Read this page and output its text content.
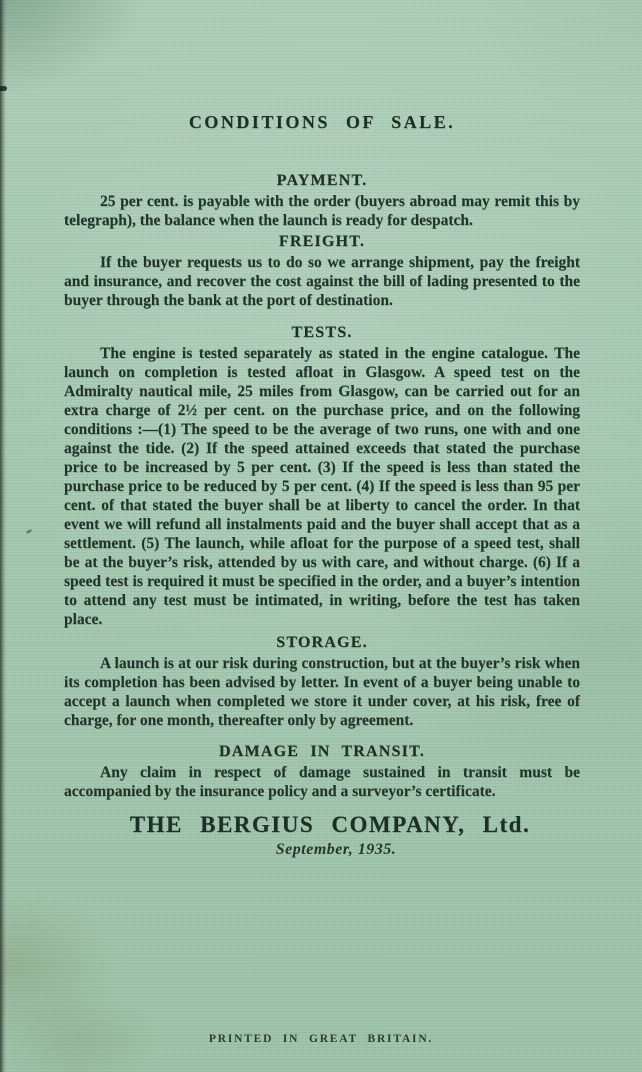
CONDITIONS OF SALE.
PAYMENT.

25 per cent. is payable with the order (buyers abroad may remit this by telegraph), the balance when the launch is ready for despatch.

FREIGHT.

If the buyer requests us to do so we arrange shipment, pay the freight and insurance, and recover the cost against the bill of lading presented to the buyer through the bank at the port of destination.

TESTS.

The engine is tested separately as stated in the engine catalogue. The launch on completion is tested afloat in Glasgow. A speed test on the Admiralty nautical mile, 25 miles from Glasgow, can be carried out for an extra charge of 2½ per cent. on the purchase price, and on the following conditions :—(1) The speed to be the average of two runs, one with and one against the tide. (2) If the speed attained exceeds that stated the purchase price to be increased by 5 per cent. (3) If the speed is less than stated the purchase price to be reduced by 5 per cent. (4) If the speed is less than 95 per cent. of that stated the buyer shall be at liberty to cancel the order. In that event we will refund all instalments paid and the buyer shall accept that as a settlement. (5) The launch, while afloat for the purpose of a speed test, shall be at the buyer’s risk, attended by us with care, and without charge. (6) If a speed test is required it must be specified in the order, and a buyer’s intention to attend any test must be intimated, in writing, before the test has taken place.

STORAGE.

A launch is at our risk during construction, but at the buyer’s risk when its completion has been advised by letter. In event of a buyer being unable to accept a launch when completed we store it under cover, at his risk, free of charge, for one month, thereafter only by agreement.

DAMAGE IN TRANSIT.

Any claim in respect of damage sustained in transit must be accompanied by the insurance policy and a surveyor’s certificate.

THE BERGIUS COMPANY, Ltd.
September, 1935.
PRINTED IN GREAT BRITAIN.
